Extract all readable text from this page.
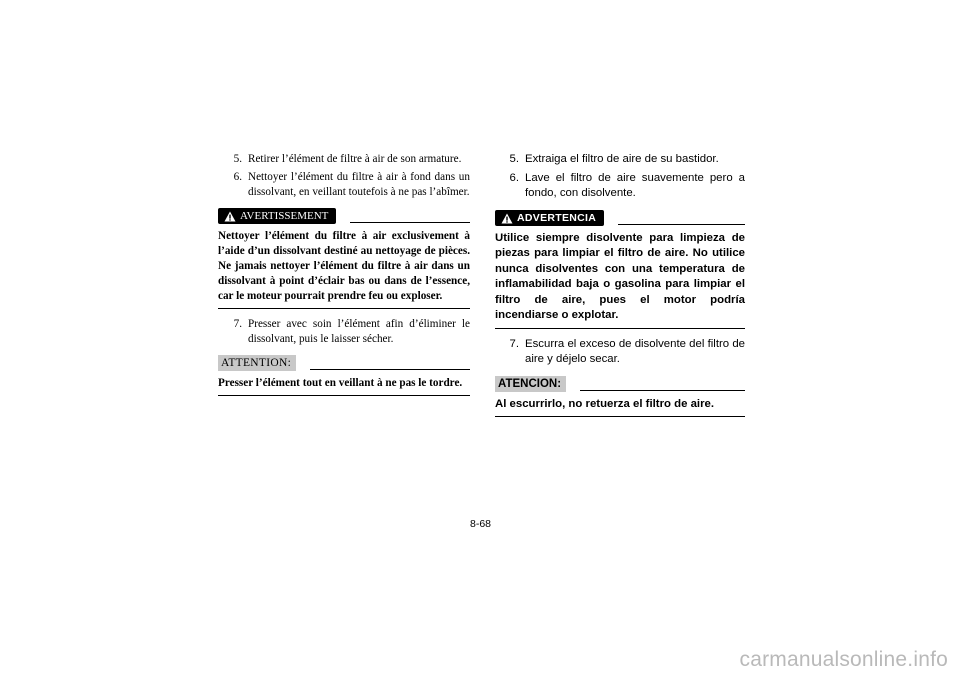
5. Retirer l’élément de filtre à air de son armature.
6. Nettoyer l’élément du filtre à air à fond dans un dissolvant, en veillant toutefois à ne pas l’abîmer.
AVERTISSEMENT
Nettoyer l’élément du filtre à air exclusivement à l’aide d’un dissolvant destiné au nettoyage de pièces. Ne jamais nettoyer l’élément du filtre à air dans un dissolvant à point d’éclair bas ou dans de l’essence, car le moteur pourrait prendre feu ou exploser.
7. Presser avec soin l’élément afin d’éliminer le dissolvant, puis le laisser sécher.
ATTENTION:
Presser l’élément tout en veillant à ne pas le tordre.
5. Extraiga el filtro de aire de su bastidor.
6. Lave el filtro de aire suavemente pero a fondo, con disolvente.
ADVERTENCIA
Utilice siempre disolvente para limpieza de piezas para limpiar el filtro de aire. No utilice nunca disolventes con una temperatura de inflamabilidad baja o gasolina para limpiar el filtro de aire, pues el motor podría incendiarse o explotar.
7. Escurra el exceso de disolvente del filtro de aire y déjelo secar.
ATENCION:
Al escurrirlo, no retuerza el filtro de aire.
8-68
carmanualsonline.info
